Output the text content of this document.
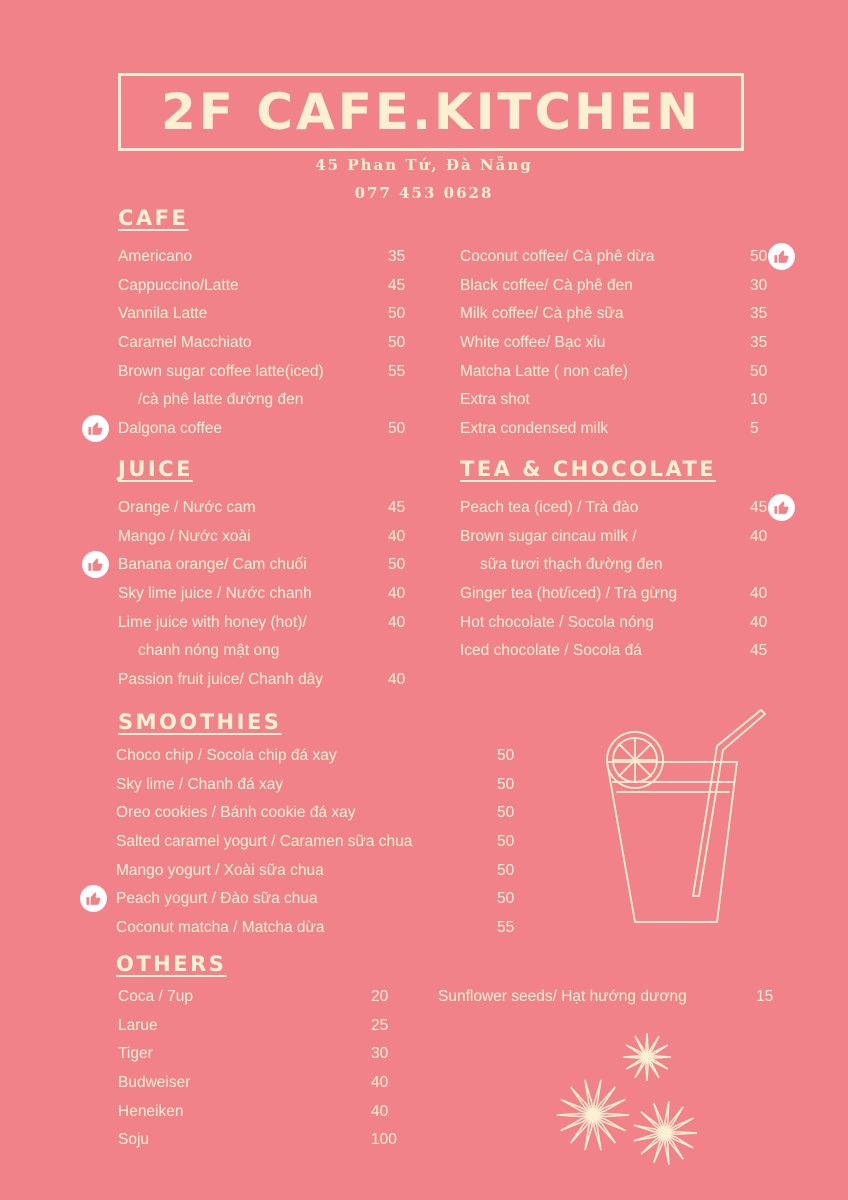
2F CAFE.KITCHEN
45 Phan Tứ, Đà Nẵng
077 453 0628
CAFE
JUICE	TEA & CHOCOLATE
SMOOTHIES
OTHERS
Americano	35
Cappuccino/Latte	45
Vannila Latte	50
Caramel Macchiato	50
Brown sugar coffee latte(iced)	55
/cà phê latte đường đen
Dalgona coffee	50
Coconut coffee/ Cà phê dừa	50
Black coffee/ Cà phê đen	30
Milk coffee/ Cà phê sữa	35
White coffee/ Bạc xỉu	35
Matcha Latte ( non cafe)	50
Extra shot	10
Extra condensed milk	5
Orange / Nước cam	45
Mango / Nước xoài	40
Banana orange/ Cam chuối	50
Sky lime juice / Nước chanh	40
Lime juice with honey (hot)/	40
chanh nóng mật ong
Passion fruit juice/ Chanh dây	40
Peach tea (iced) / Trà đào	45
Brown sugar cincau milk /	40
sữa tươi thạch đường đen
Ginger tea (hot/iced) / Trà gừng	40
Hot chocolate / Socola nóng	40
Iced chocolate / Socola đá	45
Choco chip / Socola chip đá xay	50
Sky lime / Chanh đá xay	50
Oreo cookies / Bánh cookie đá xay	50
Salted caramel yogurt / Caramen sữa chua	50
Mango yogurt / Xoài sữa chua	50
Peach yogurt / Đào sữa chua	50
Coconut matcha / Matcha dừa	55
Coca / 7up	20
Larue	25
Tiger	30
Budweiser	40
Heneiken	40
Soju	100
Sunflower seeds/ Hạt hướng dương	15
